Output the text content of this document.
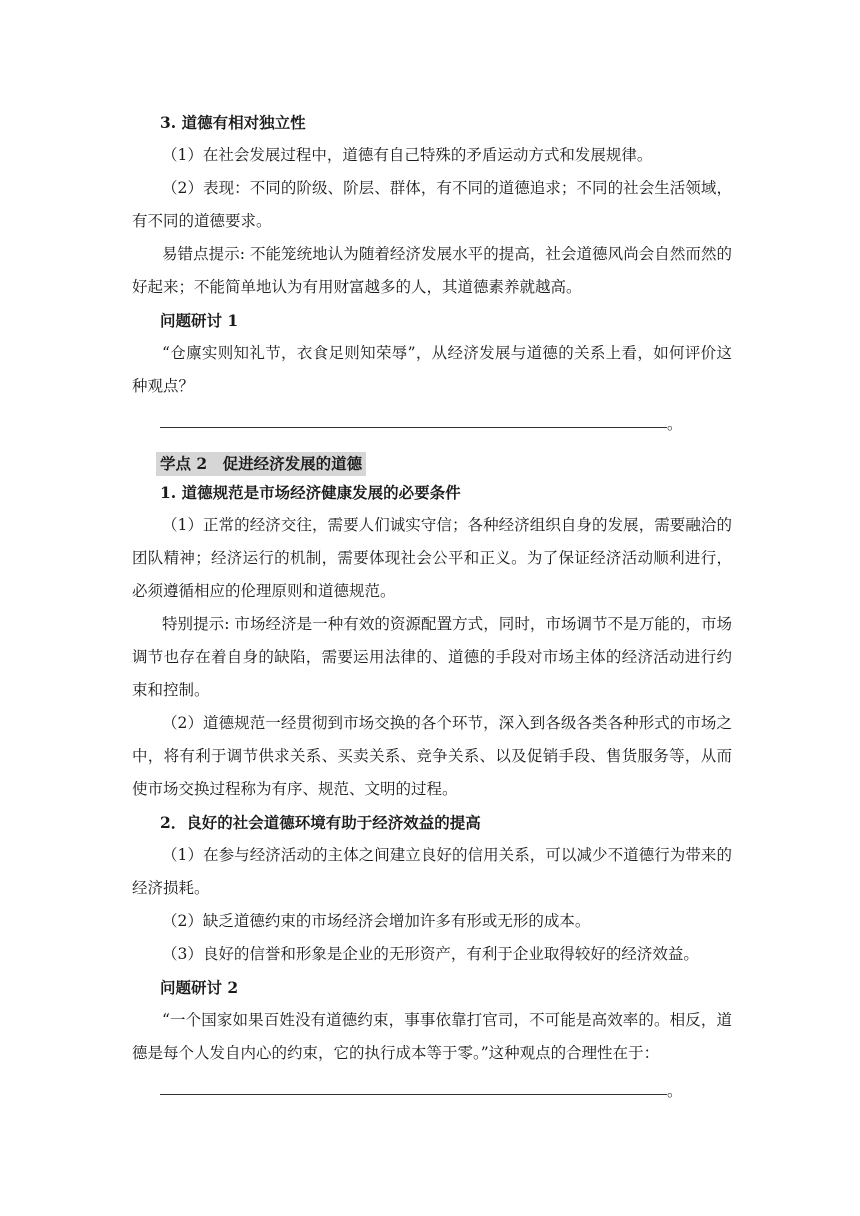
3. 道德有相对独立性

（1）在社会发展过程中，道德有自己特殊的矛盾运动方式和发展规律。

（2）表现：不同的阶级、阶层、群体，有不同的道德追求；不同的社会生活领域，有不同的道德要求。

易错点提示: 不能笼统地认为随着经济发展水平的提高，社会道德风尚会自然而然的好起来；不能简单地认为有用财富越多的人，其道德素养就越高。

问题研讨 1

“仓廪实则知礼节，衣食足则知荣辱”，从经济发展与道德的关系上看，如何评价这种观点？

。
学点 2　促进经济发展的道德

1. 道德规范是市场经济健康发展的必要条件

（1）正常的经济交往，需要人们诚实守信；各种经济组织自身的发展，需要融洽的团队精神；经济运行的机制，需要体现社会公平和正义。为了保证经济活动顺利进行，必须遵循相应的伦理原则和道德规范。

特别提示: 市场经济是一种有效的资源配置方式，同时，市场调节不是万能的，市场调节也存在着自身的缺陷，需要运用法律的、道德的手段对市场主体的经济活动进行约束和控制。

（2）道德规范一经贯彻到市场交换的各个环节，深入到各级各类各种形式的市场之中，将有利于调节供求关系、买卖关系、竞争关系、以及促销手段、售货服务等，从而使市场交换过程称为有序、规范、文明的过程。

2．良好的社会道德环境有助于经济效益的提高

（1）在参与经济活动的主体之间建立良好的信用关系，可以减少不道德行为带来的经济损耗。

（2）缺乏道德约束的市场经济会增加许多有形或无形的成本。

（3）良好的信誉和形象是企业的无形资产，有利于企业取得较好的经济效益。

问题研讨 2

“一个国家如果百姓没有道德约束，事事依靠打官司，不可能是高效率的。相反，道德是每个人发自内心的约束，它的执行成本等于零。”这种观点的合理性在于：

。
